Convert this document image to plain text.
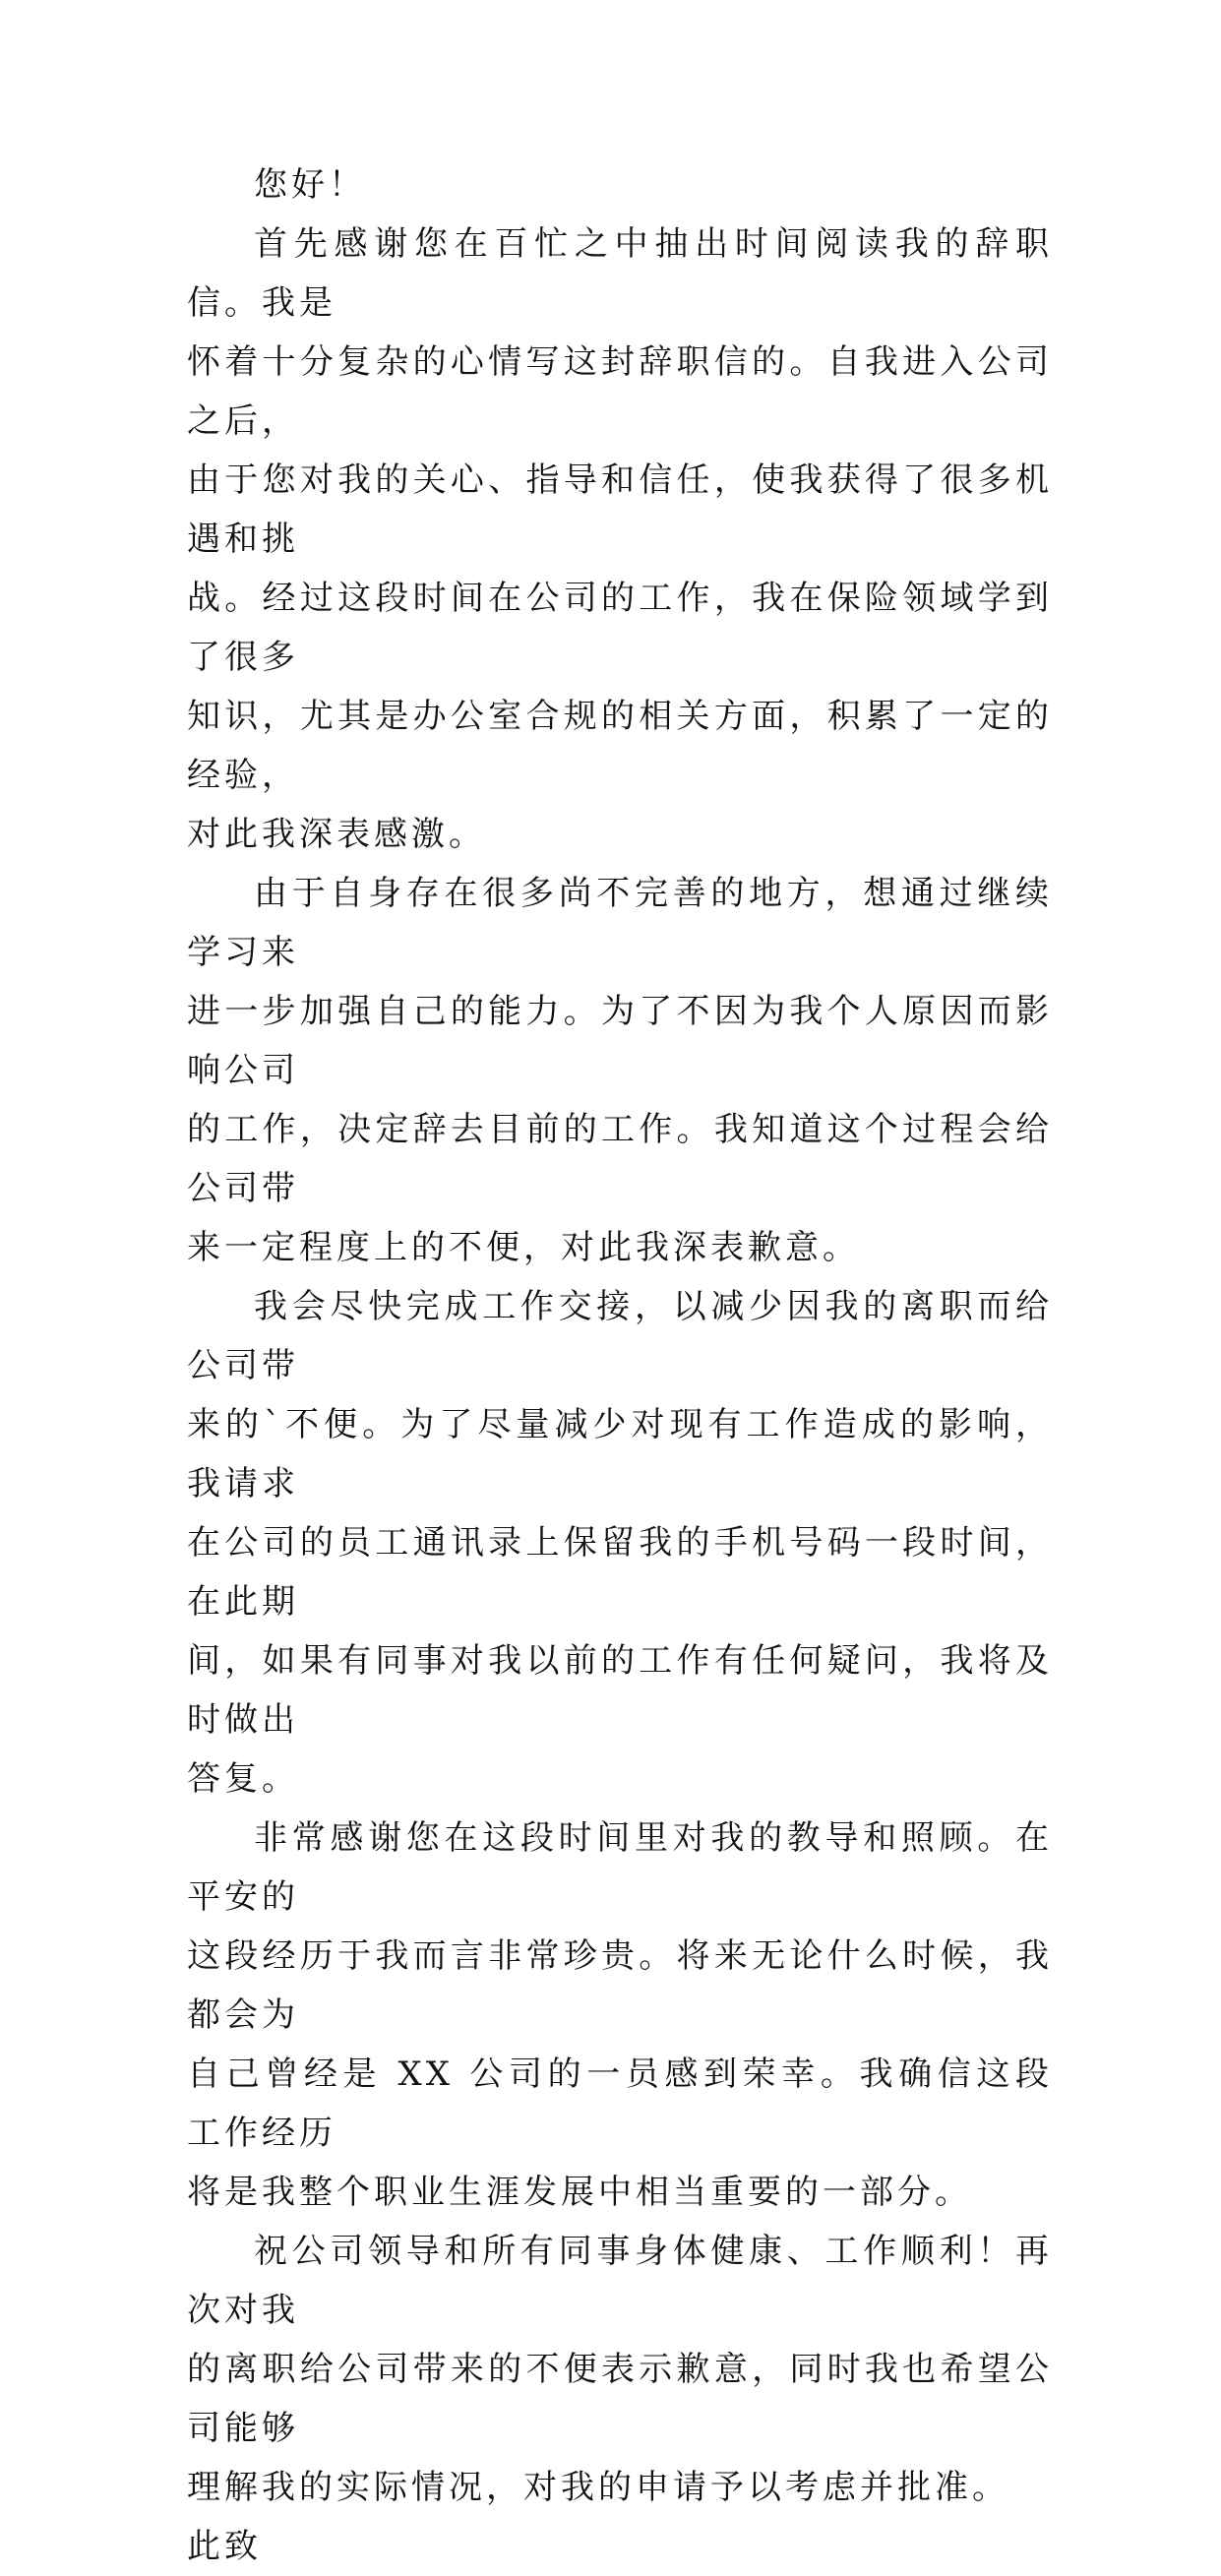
您好！

首先感谢您在百忙之中抽出时间阅读我的辞职信。我是
怀着十分复杂的心情写这封辞职信的。自我进入公司之后，
由于您对我的关心、指导和信任，使我获得了很多机遇和挑
战。经过这段时间在公司的工作，我在保险领域学到了很多
知识，尤其是办公室合规的相关方面，积累了一定的经验，
对此我深表感激。

由于自身存在很多尚不完善的地方，想通过继续学习来
进一步加强自己的能力。为了不因为我个人原因而影响公司
的工作，决定辞去目前的工作。我知道这个过程会给公司带
来一定程度上的不便，对此我深表歉意。

我会尽快完成工作交接，以减少因我的离职而给公司带
来的`不便。为了尽量减少对现有工作造成的影响，我请求
在公司的员工通讯录上保留我的手机号码一段时间，在此期
间，如果有同事对我以前的工作有任何疑问，我将及时做出
答复。

非常感谢您在这段时间里对我的教导和照顾。在平安的
这段经历于我而言非常珍贵。将来无论什么时候，我都会为
自己曾经是 XX 公司的一员感到荣幸。我确信这段工作经历
将是我整个职业生涯发展中相当重要的一部分。

祝公司领导和所有同事身体健康、工作顺利！再次对我
的离职给公司带来的不便表示歉意，同时我也希望公司能够
理解我的实际情况，对我的申请予以考虑并批准。

此致
